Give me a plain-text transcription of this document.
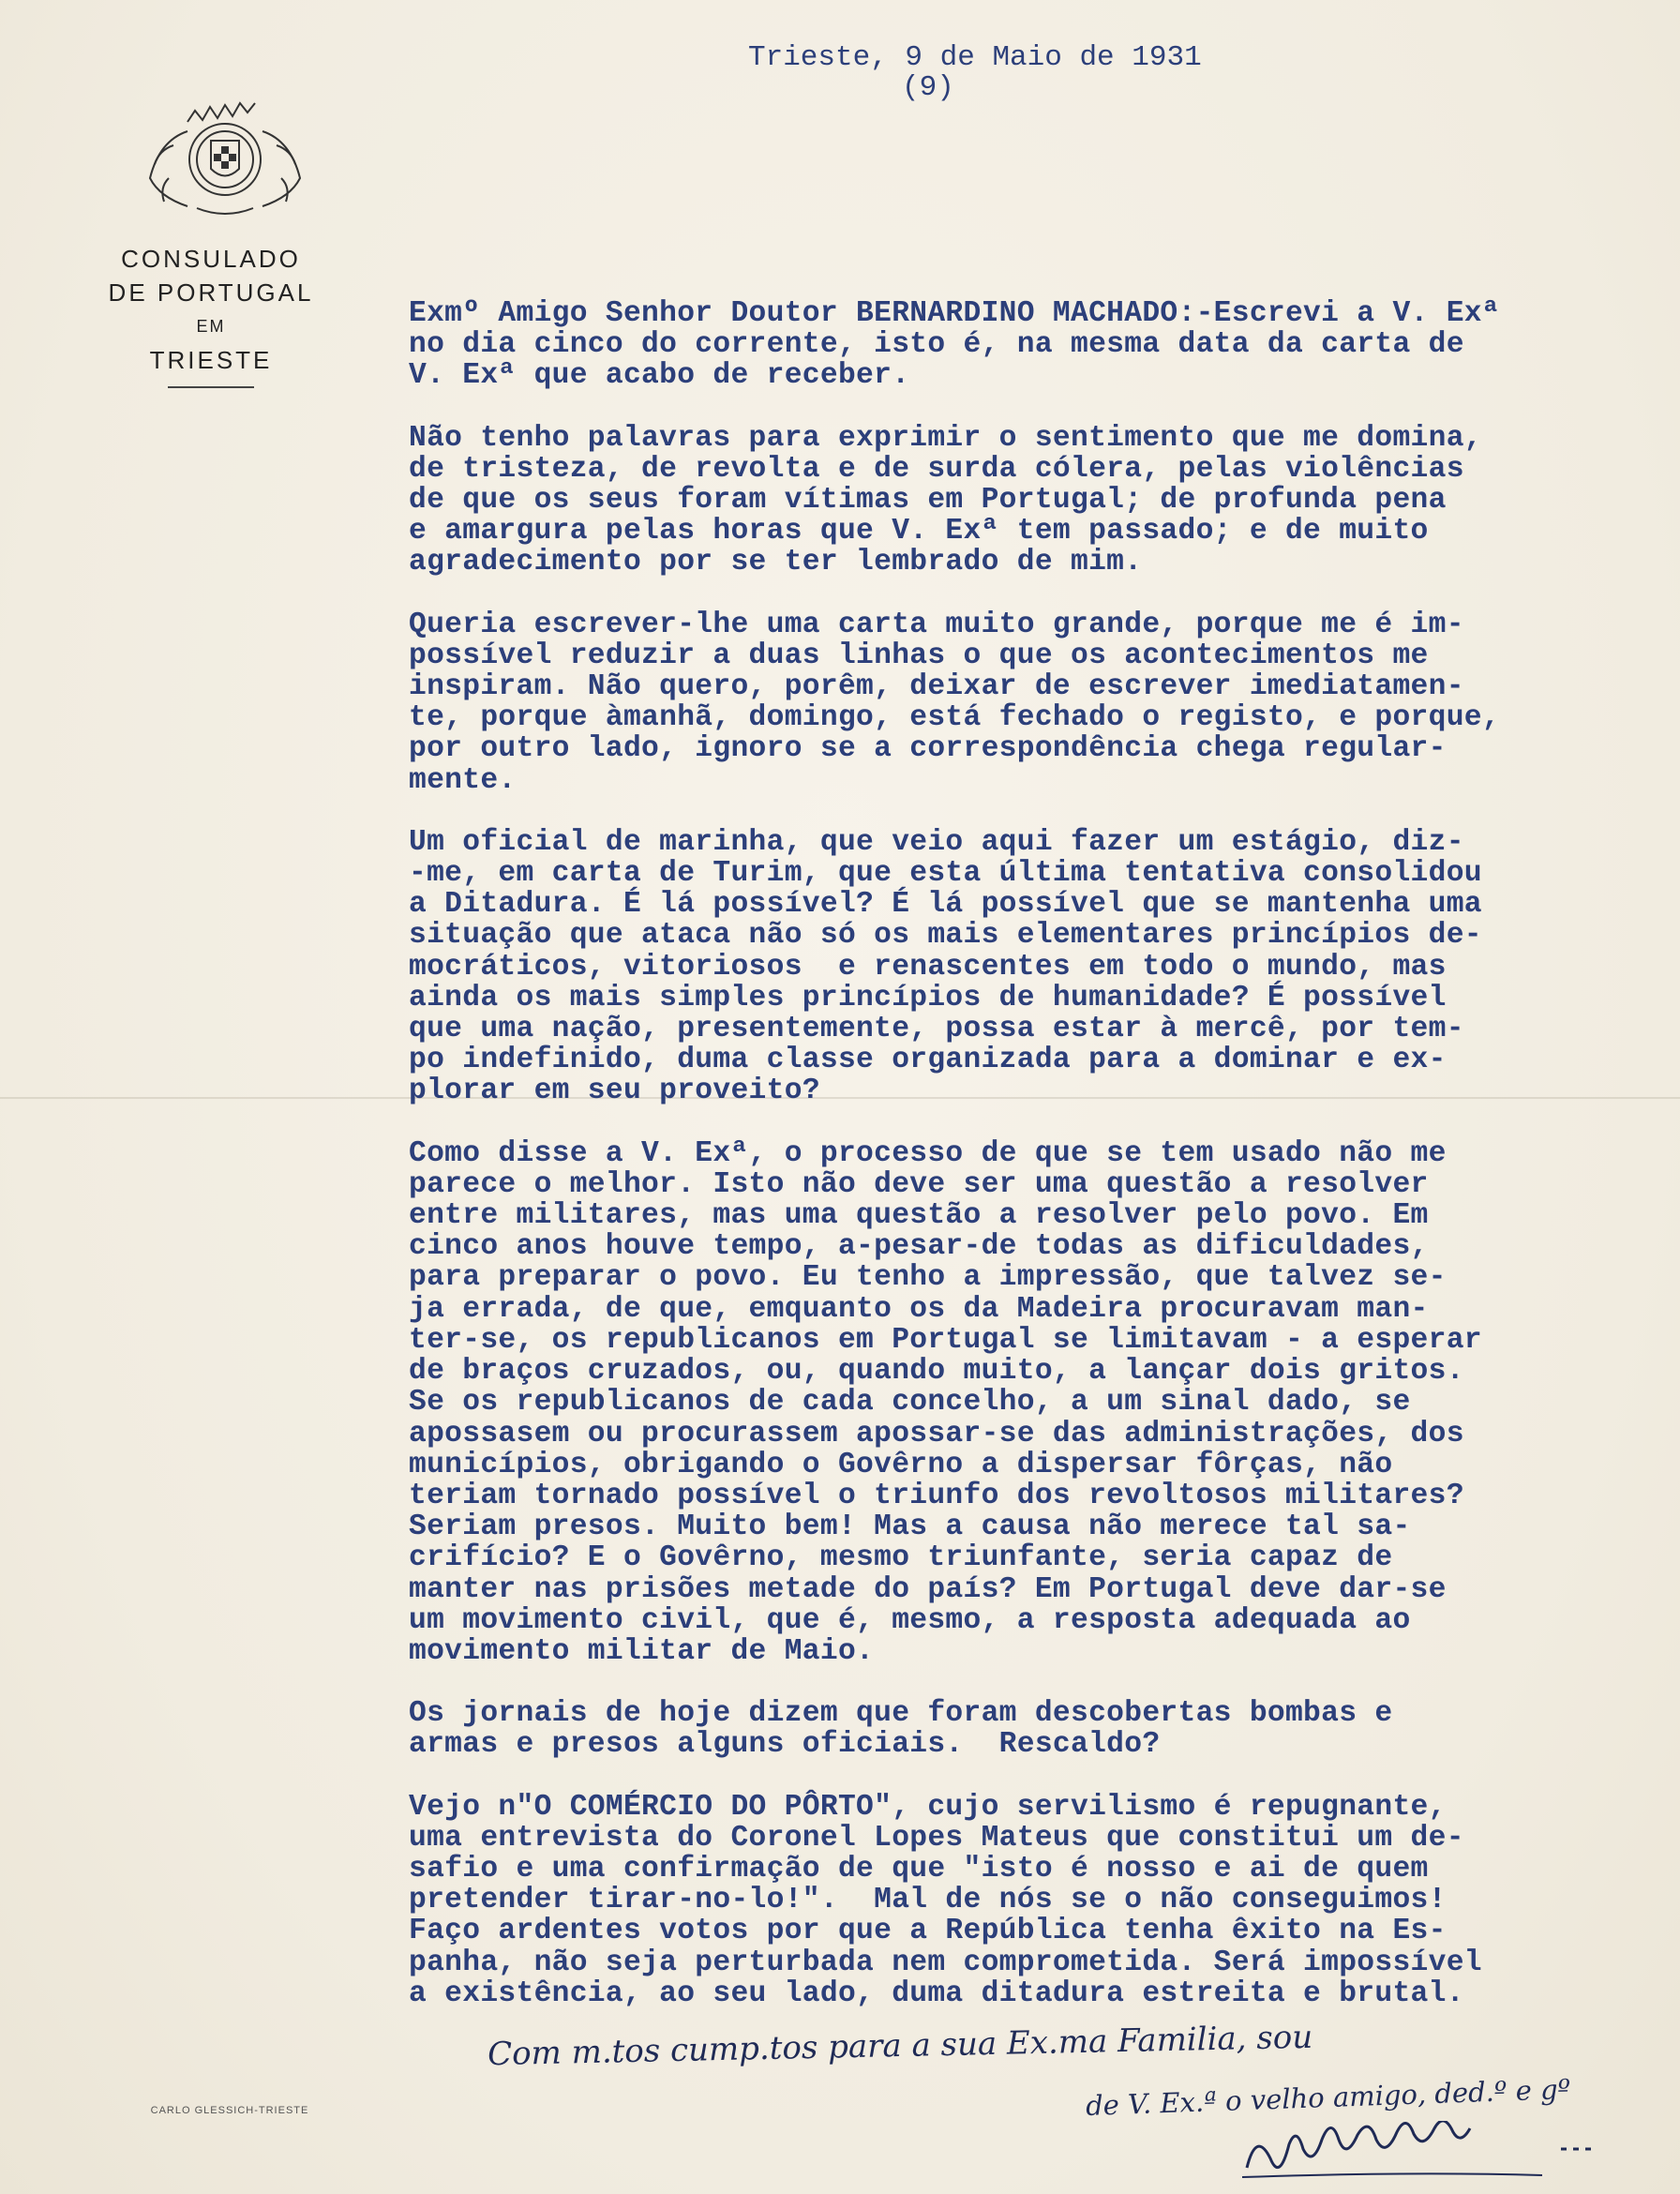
CONSULADO
DE PORTUGAL
EM
TRIESTE
Trieste, 9 de Maio de 1931
(9)
Exmº Amigo Senhor Doutor BERNARDINO MACHADO:-Escrevi a V. Exª
no dia cinco do corrente, isto é, na mesma data da carta de
V. Exª que acabo de receber.
Não tenho palavras para exprimir o sentimento que me domina,
de tristeza, de revolta e de surda cólera, pelas violências
de que os seus foram vítimas em Portugal; de profunda pena
e amargura pelas horas que V. Exª tem passado; e de muito
agradecimento por se ter lembrado de mim.
Queria escrever-lhe uma carta muito grande, porque me é im-
possível reduzir a duas linhas o que os acontecimentos me
inspiram. Não quero, porêm, deixar de escrever imediatamen-
te, porque àmanhã, domingo, está fechado o registo, e porque,
por outro lado, ignoro se a correspondência chega regular-
mente.
Um oficial de marinha, que veio aqui fazer um estágio, diz-
-me, em carta de Turim, que esta última tentativa consolidou
a Ditadura. É lá possível? É lá possível que se mantenha uma
situação que ataca não só os mais elementares princípios de-
mocráticos, vitoriosos  e renascentes em todo o mundo, mas
ainda os mais simples princípios de humanidade? É possível
que uma nação, presentemente, possa estar à mercê, por tem-
po indefinido, duma classe organizada para a dominar e ex-
plorar em seu proveito?
Como disse a V. Exª, o processo de que se tem usado não me
parece o melhor. Isto não deve ser uma questão a resolver
entre militares, mas uma questão a resolver pelo povo. Em
cinco anos houve tempo, a-pesar-de todas as dificuldades,
para preparar o povo. Eu tenho a impressão, que talvez se-
ja errada, de que, emquanto os da Madeira procuravam man-
ter-se, os republicanos em Portugal se limitavam - a esperar
de braços cruzados, ou, quando muito, a lançar dois gritos.
Se os republicanos de cada concelho, a um sinal dado, se
apossasem ou procurassem apossar-se das administrações, dos
municípios, obrigando o Govêrno a dispersar fôrças, não
teriam tornado possível o triunfo dos revoltosos militares?
Seriam presos. Muito bem! Mas a causa não merece tal sa-
crifício? E o Govêrno, mesmo triunfante, seria capaz de
manter nas prisões metade do país? Em Portugal deve dar-se
um movimento civil, que é, mesmo, a resposta adequada ao
movimento militar de Maio.
Os jornais de hoje dizem que foram descobertas bombas e
armas e presos alguns oficiais.  Rescaldo?
Vejo n"O COMÉRCIO DO PÔRTO", cujo servilismo é repugnante,
uma entrevista do Coronel Lopes Mateus que constitui um de-
safio e uma confirmação de que "isto é nosso e ai de quem
pretender tirar-no-lo!".  Mal de nós se o não conseguimos!
Faço ardentes votos por que a República tenha êxito na Es-
panha, não seja perturbada nem comprometida. Será impossível
a existência, ao seu lado, duma ditadura estreita e brutal.
Com m.tos cump.tos para a sua Ex.ma Familia, sou
de V. Ex.ª o velho amigo, ded.º e gº
CARLO GLESSICH-TRIESTE
